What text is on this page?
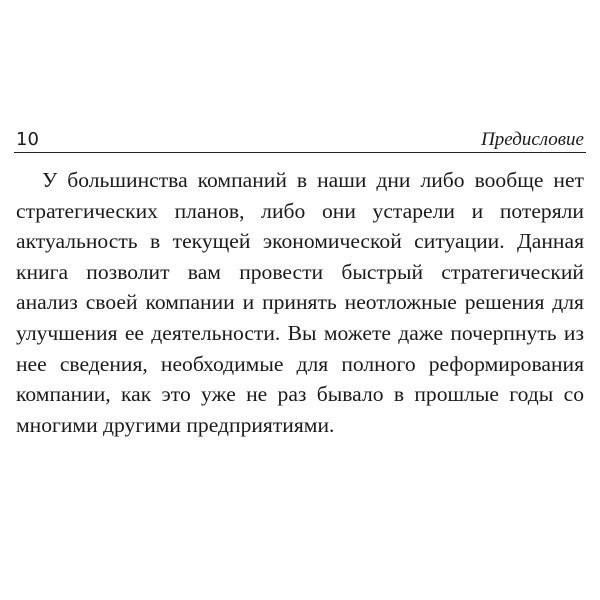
10	Предисловие

У большинства компаний в наши дни либо вообще нет стратегических планов, либо они устарели и потеряли актуальность в текущей экономической ситуации. Данная книга позволит вам провести быстрый стратегический анализ своей компании и принять неотложные решения для улучшения ее деятельности. Вы можете даже почерпнуть из нее сведения, необходимые для полного реформирования компании, как это уже не раз бывало в прошлые годы со многими другими предприятиями.
